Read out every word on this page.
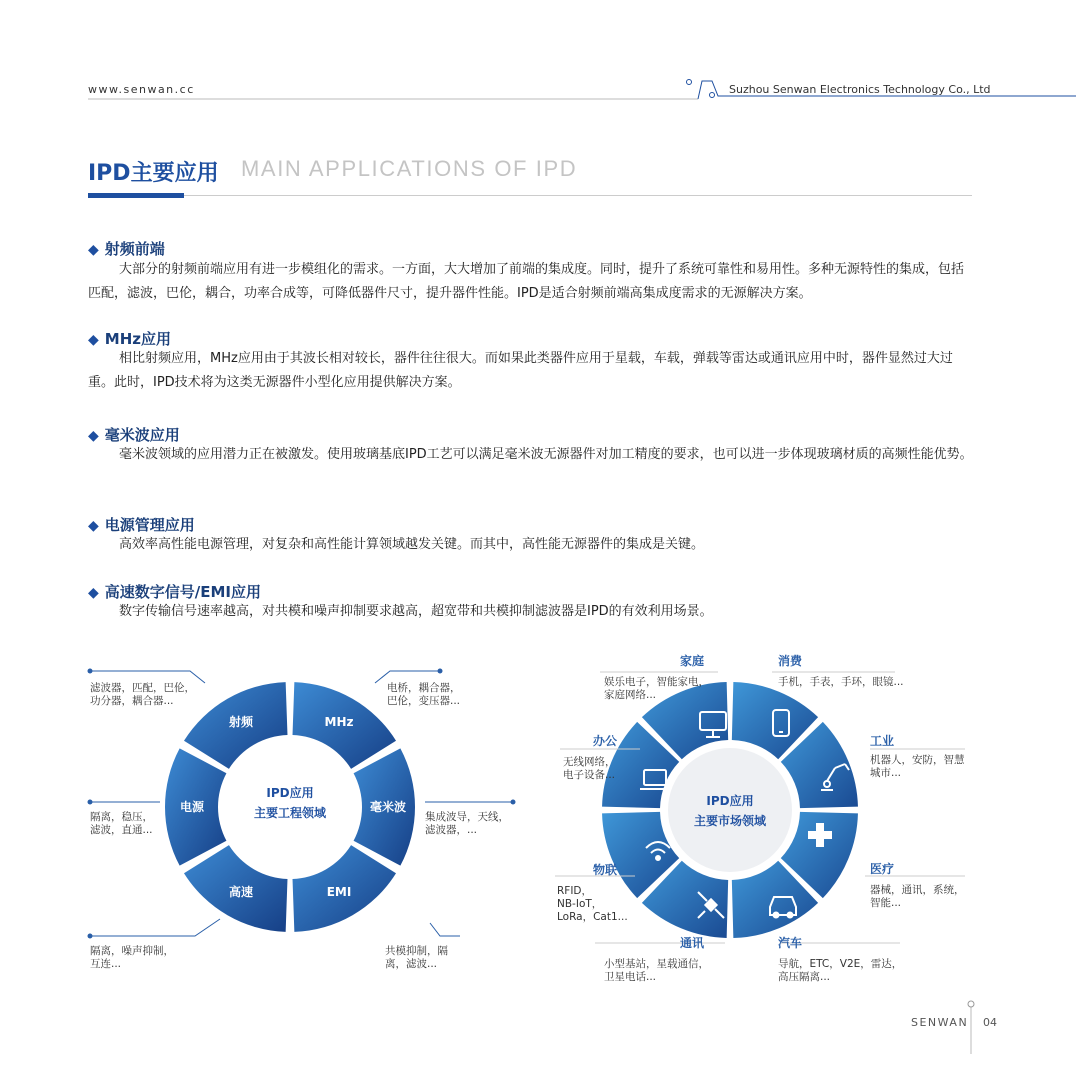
www.senwan.cc	Suzhou Senwan Electronics Technology Co., Ltd
IPD主要应用 MAIN APPLICATIONS OF IPD
◆ 射频前端
大部分的射频前端应用有进一步模组化的需求。一方面，大大增加了前端的集成度。同时，提升了系统可靠性和易用性。多种无源特性的集成，包括匹配，滤波，巴伦，耦合，功率合成等，可降低器件尺寸，提升器件性能。IPD是适合射频前端高集成度需求的无源解决方案。
◆ MHz应用
相比射频应用，MHz应用由于其波长相对较长，器件往往很大。而如果此类器件应用于星载，车载，弹载等雷达或通讯应用中时，器件显然过大过重。此时，IPD技术将为这类无源器件小型化应用提供解决方案。
◆ 毫米波应用
毫米波领域的应用潜力正在被激发。使用玻璃基底IPD工艺可以满足毫米波无源器件对加工精度的要求，也可以进一步体现玻璃材质的高频性能优势。
◆ 电源管理应用
高效率高性能电源管理，对复杂和高性能计算领域越发关键。而其中，高性能无源器件的集成是关键。
◆ 高速数字信号/EMI应用
数字传输信号速率越高，对共模和噪声抑制要求越高，超宽带和共模抑制滤波器是IPD的有效利用场景。
射频	MHz
毫米波
EMI
高速
电源
IPD应用
主要工程领域
滤波器，匹配，巴伦，
功分器，耦合器...
电桥，耦合器，
巴伦，变压器...
集成波导，天线，
滤波器，...
隔离，稳压，
滤波，直通...
隔离，噪声抑制，
互连...
共模抑制，隔
离，滤波...
IPD应用
主要市场领域
家庭
娱乐电子，智能家电，
家庭网络...
消费
手机，手表，手环，眼镜...
工业
机器人，安防，智慧
城市...
医疗
器械，通讯，系统，
智能...
汽车
导航，ETC，V2E，雷达，
高压隔离...
通讯
小型基站，星载通信，
卫星电话...
物联
RFID，
NB-IoT，
LoRa，Cat1...
办公
无线网络，
电子设备...
SENWAN 04
